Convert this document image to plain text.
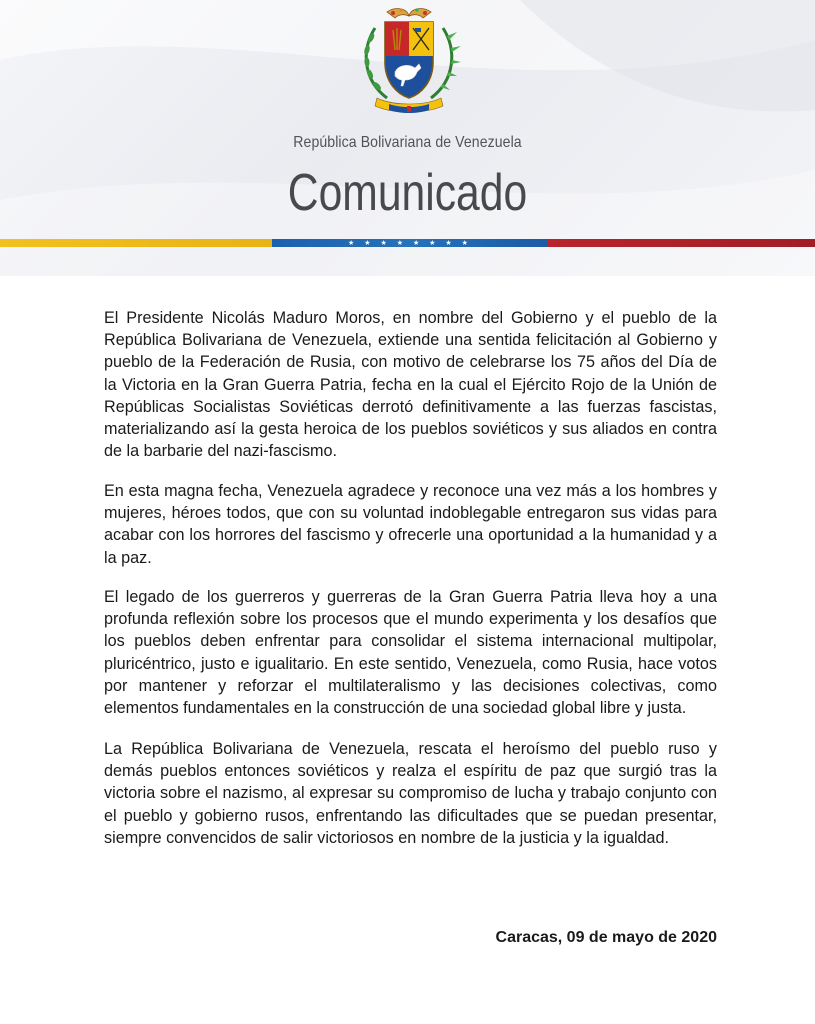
República Bolivariana de Venezuela
Comunicado
★ ★ ★ ★ ★ ★ ★ ★

El Presidente Nicolás Maduro Moros, en nombre del Gobierno y el pueblo de la República Bolivariana de Venezuela, extiende una sentida felicitación al Gobierno y pueblo de la Federación de Rusia, con motivo de celebrarse los 75 años del Día de la Victoria en la Gran Guerra Patria, fecha en la cual el Ejército Rojo de la Unión de Repúblicas Socialistas Soviéticas derrotó definitivamente a las fuerzas fascistas, materializando así la gesta heroica de los pueblos soviéticos y sus aliados en contra de la barbarie del nazi-fascismo.

En esta magna fecha, Venezuela agradece y reconoce una vez más a los hombres y mujeres, héroes todos, que con su voluntad indoblegable entregaron sus vidas para acabar con los horrores del fascismo y ofrecerle una oportunidad a la humanidad y a la paz.

El legado de los guerreros y guerreras de la Gran Guerra Patria lleva hoy a una profunda reflexión sobre los procesos que el mundo experimenta y los desafíos que los pueblos deben enfrentar para consolidar el sistema internacional multipolar, pluricéntrico, justo e igualitario. En este sentido, Venezuela, como Rusia, hace votos por mantener y reforzar el multilateralismo y las decisiones colectivas, como elementos fundamentales en la construcción de una sociedad global libre y justa.

La República Bolivariana de Venezuela, rescata el heroísmo del pueblo ruso y demás pueblos entonces soviéticos y realza el espíritu de paz que surgió tras la victoria sobre el nazismo, al expresar su compromiso de lucha y trabajo conjunto con el pueblo y gobierno rusos, enfrentando las dificultades que se puedan presentar, siempre convencidos de salir victoriosos en nombre de la justicia y la igualdad.

Caracas, 09 de mayo de 2020
